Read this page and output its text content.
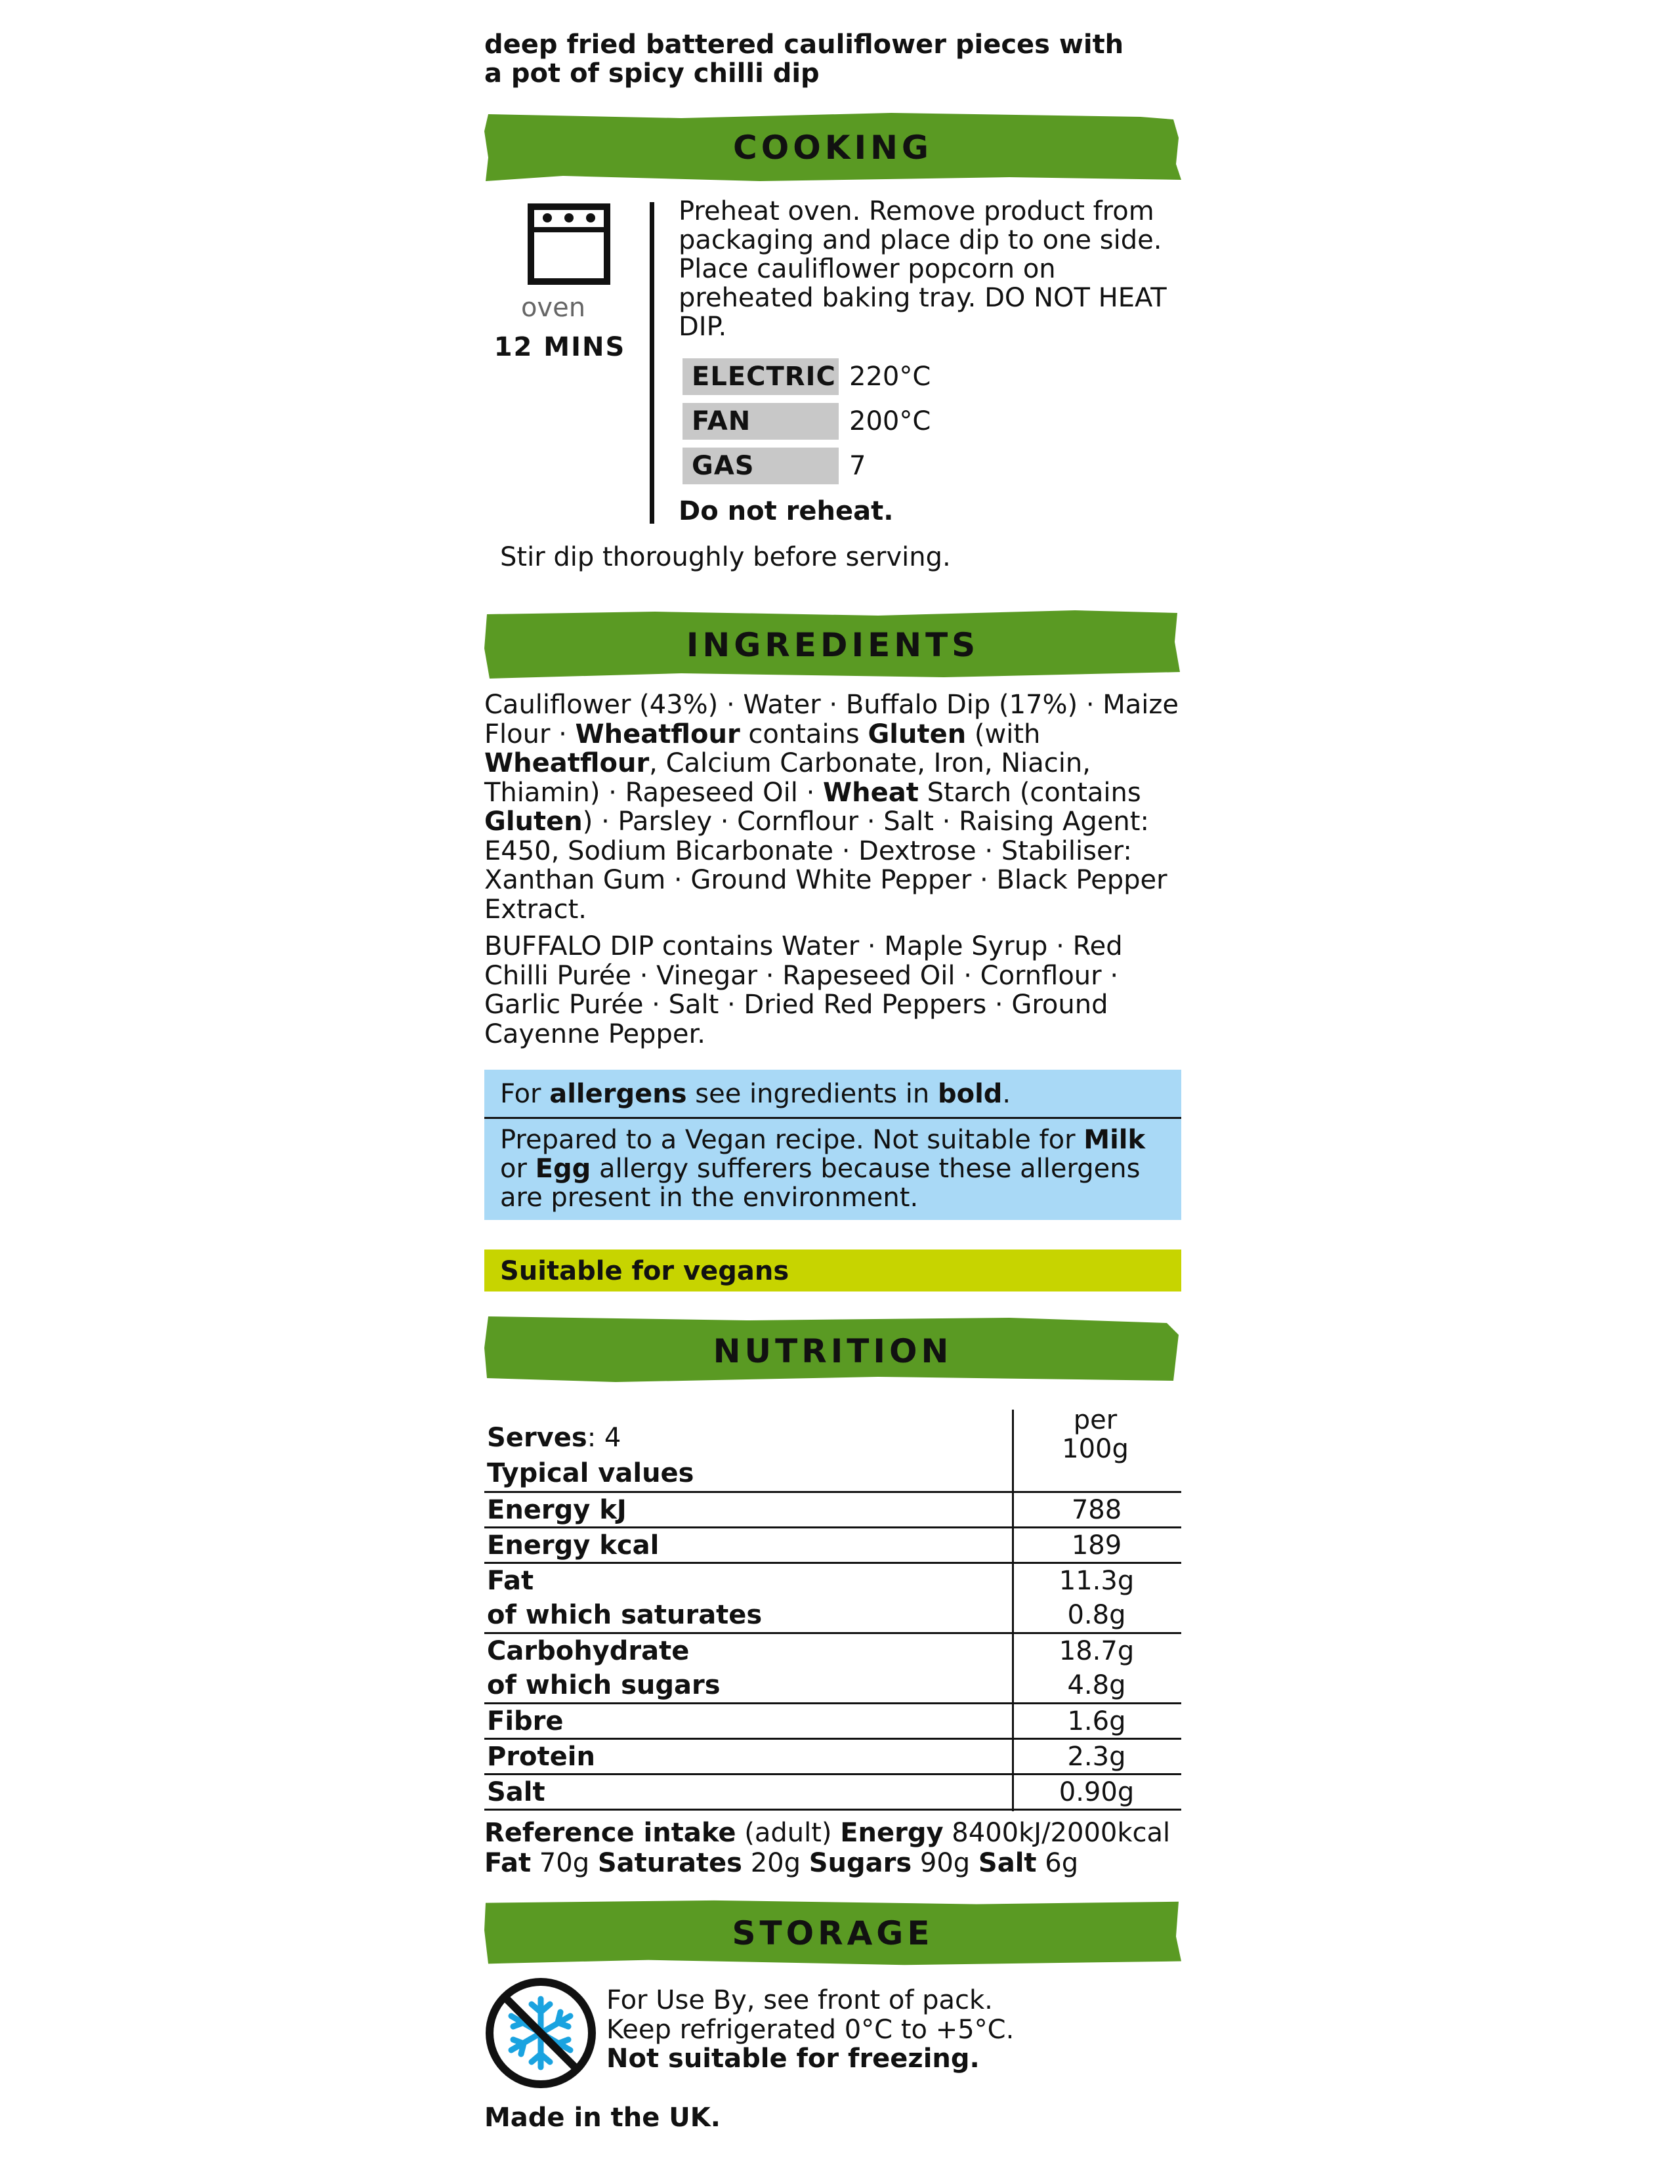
deep fried battered cauliflower pieces with a pot of spicy chilli dip
COOKING
oven
12 MINS
Preheat oven. Remove product from packaging and place dip to one side. Place cauliflower popcorn on preheated baking tray. DO NOT HEAT DIP.
ELECTRIC 220°C
FAN	200°C
GAS	7
Do not reheat.
Stir dip thoroughly before serving.
INGREDIENTS

Cauliflower (43%) · Water · Buffalo Dip (17%) · Maize Flour · Wheatflour contains Gluten (with Wheatflour, Calcium Carbonate, Iron, Niacin, Thiamin) · Rapeseed Oil · Wheat Starch (contains Gluten) · Parsley · Cornflour · Salt · Raising Agent: E450, Sodium Bicarbonate · Dextrose · Stabiliser: Xanthan Gum · Ground White Pepper · Black Pepper Extract.

BUFFALO DIP contains Water · Maple Syrup · Red Chilli Purée · Vinegar · Rapeseed Oil · Cornflour · Garlic Purée · Salt · Dried Red Peppers · Ground Cayenne Pepper.

For allergens see ingredients in bold.
Prepared to a Vegan recipe. Not suitable for Milk or Egg allergy sufferers because these allergens are present in the environment.
Suitable for vegans
NUTRITION
Serves: 4
Typical values
per
100g
Energy kJ	788
Energy kcal	189
Fat	11.3g
of which saturates	0.8g
Carbohydrate	18.7g
of which sugars	4.8g
Fibre	1.6g
Protein	2.3g
Salt	0.90g
Reference intake (adult) Energy 8400kJ/2000kcal
Fat 70g Saturates 20g Sugars 90g Salt 6g
STORAGE
For Use By, see front of pack.
Keep refrigerated 0°C to +5°C.
Not suitable for freezing.
Made in the UK.
